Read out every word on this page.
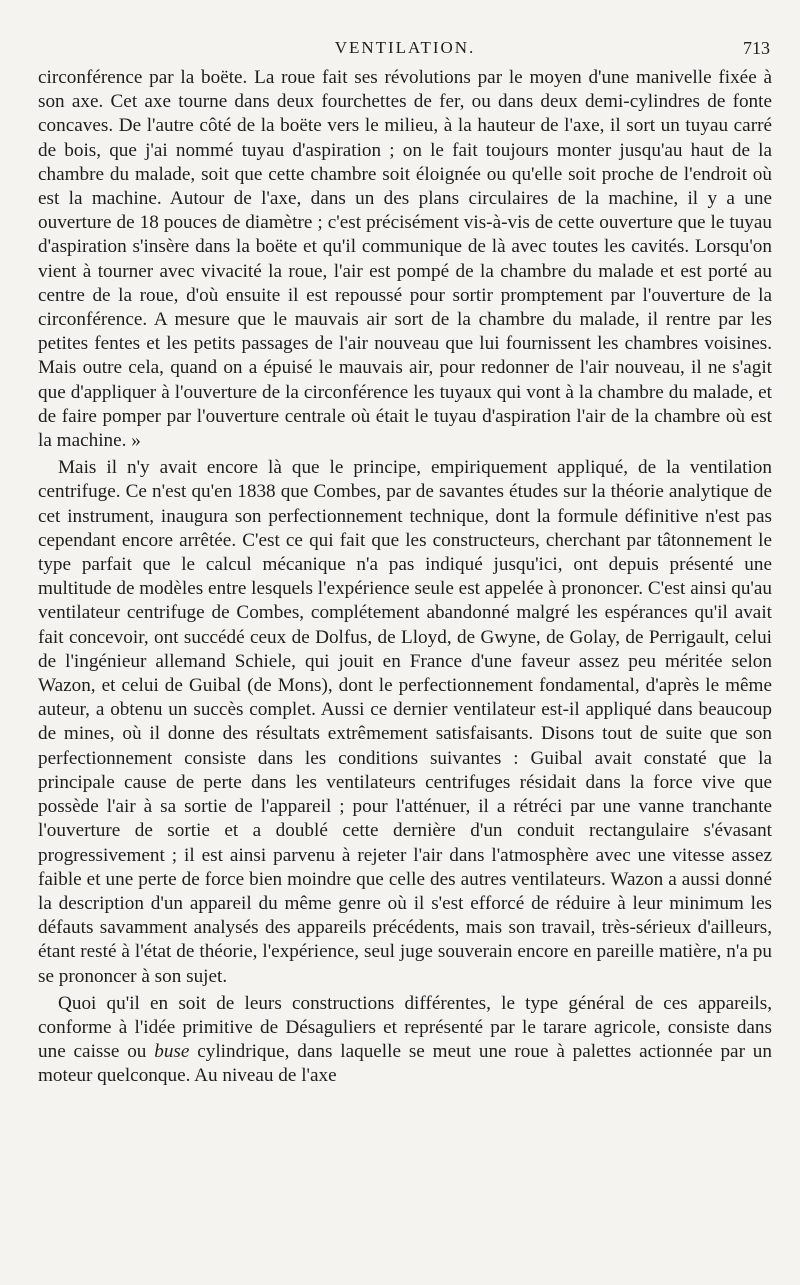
VENTILATION.	713

circonférence par la boëte. La roue fait ses révolutions par le moyen d'une manivelle fixée à son axe. Cet axe tourne dans deux fourchettes de fer, ou dans deux demi-cylindres de fonte concaves. De l'autre côté de la boëte vers le milieu, à la hauteur de l'axe, il sort un tuyau carré de bois, que j'ai nommé tuyau d'aspiration ; on le fait toujours monter jusqu'au haut de la chambre du malade, soit que cette chambre soit éloignée ou qu'elle soit proche de l'endroit où est la machine. Autour de l'axe, dans un des plans circulaires de la machine, il y a une ouverture de 18 pouces de diamètre ; c'est précisément vis-à-vis de cette ouverture que le tuyau d'aspiration s'insère dans la boëte et qu'il communique de là avec toutes les cavités. Lorsqu'on vient à tourner avec vivacité la roue, l'air est pompé de la chambre du malade et est porté au centre de la roue, d'où ensuite il est repoussé pour sortir promptement par l'ouverture de la circonférence. A mesure que le mauvais air sort de la chambre du malade, il rentre par les petites fentes et les petits passages de l'air nouveau que lui fournissent les chambres voisines. Mais outre cela, quand on a épuisé le mauvais air, pour redonner de l'air nouveau, il ne s'agit que d'appliquer à l'ouverture de la circonférence les tuyaux qui vont à la chambre du malade, et de faire pomper par l'ouverture centrale où était le tuyau d'aspiration l'air de la chambre où est la machine. »

Mais il n'y avait encore là que le principe, empiriquement appliqué, de la ventilation centrifuge. Ce n'est qu'en 1838 que Combes, par de savantes études sur la théorie analytique de cet instrument, inaugura son perfectionnement technique, dont la formule définitive n'est pas cependant encore arrêtée. C'est ce qui fait que les constructeurs, cherchant par tâtonnement le type parfait que le calcul mécanique n'a pas indiqué jusqu'ici, ont depuis présenté une multitude de modèles entre lesquels l'expérience seule est appelée à prononcer. C'est ainsi qu'au ventilateur centrifuge de Combes, complétement abandonné malgré les espérances qu'il avait fait concevoir, ont succédé ceux de Dolfus, de Lloyd, de Gwyne, de Golay, de Perrigault, celui de l'ingénieur allemand Schiele, qui jouit en France d'une faveur assez peu méritée selon Wazon, et celui de Guibal (de Mons), dont le perfectionnement fondamental, d'après le même auteur, a obtenu un succès complet. Aussi ce dernier ventilateur est-il appliqué dans beaucoup de mines, où il donne des résultats extrêmement satisfaisants. Disons tout de suite que son perfectionnement consiste dans les conditions suivantes : Guibal avait constaté que la principale cause de perte dans les ventilateurs centrifuges résidait dans la force vive que possède l'air à sa sortie de l'appareil ; pour l'atténuer, il a rétréci par une vanne tranchante l'ouverture de sortie et a doublé cette dernière d'un conduit rectangulaire s'évasant progressivement ; il est ainsi parvenu à rejeter l'air dans l'atmosphère avec une vitesse assez faible et une perte de force bien moindre que celle des autres ventilateurs. Wazon a aussi donné la description d'un appareil du même genre où il s'est efforcé de réduire à leur minimum les défauts savamment analysés des appareils précédents, mais son travail, très-sérieux d'ailleurs, étant resté à l'état de théorie, l'expérience, seul juge souverain encore en pareille matière, n'a pu se prononcer à son sujet.

Quoi qu'il en soit de leurs constructions différentes, le type général de ces appareils, conforme à l'idée primitive de Désaguliers et représenté par le tarare agricole, consiste dans une caisse ou buse cylindrique, dans laquelle se meut une roue à palettes actionnée par un moteur quelconque. Au niveau de l'axe
